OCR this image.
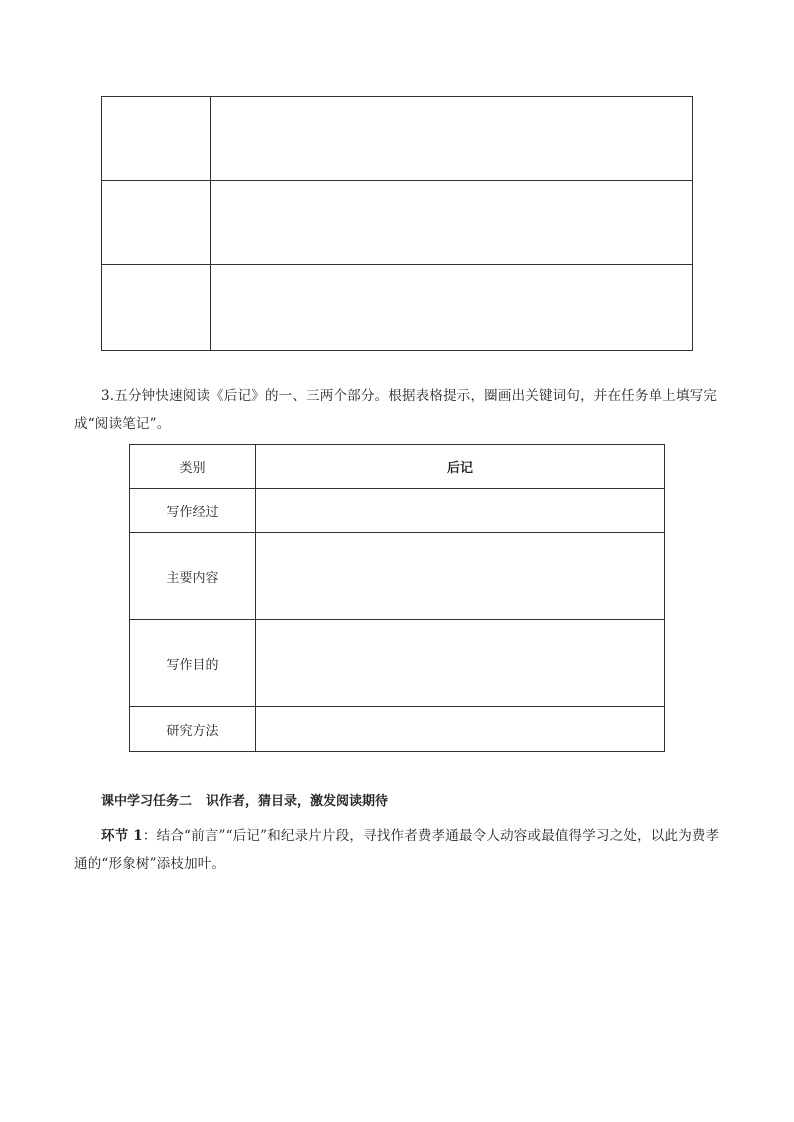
3.五分钟快速阅读《后记》的一、三两个部分。根据表格提示，圈画出关键词句，并在任务单上填写完成“阅读笔记”。
类别	后记
写作经过	
主要内容	
写作目的	
研究方法	
课中学习任务二 识作者，猜目录，激发阅读期待
环节 1：结合“前言”“后记”和纪录片片段，寻找作者费孝通最令人动容或最值得学习之处，以此为费孝通的“形象树”添枝加叶。
